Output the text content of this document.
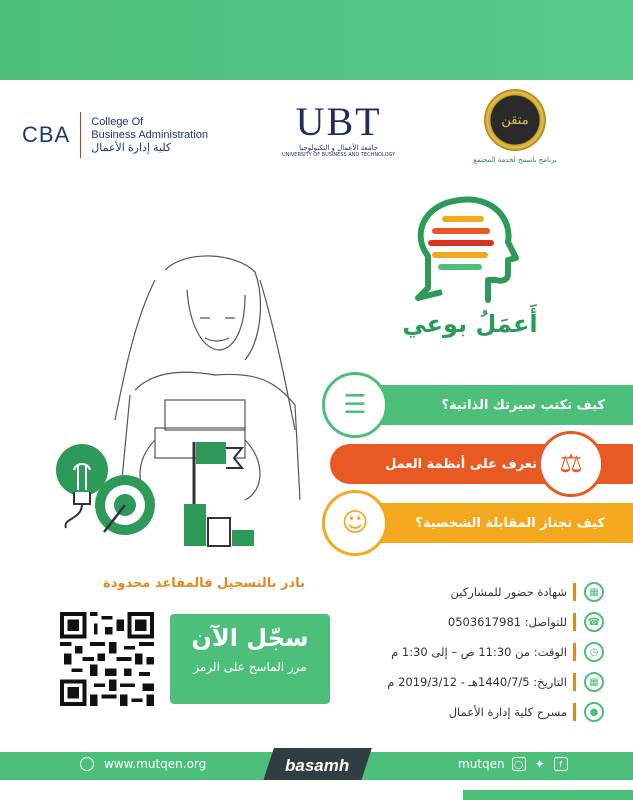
CBA
College Of
Business Administration
كلية إدارة الأعمال
UBT
جامعة الأعمال و التكنولوجيا
UNIVERSITY OF BUSINESS AND TECHNOLOGY
متقن
برنامج باسمح لخدمة المجتمع
أَعمَلُ بوعي
كيف تكتب سيرتك الذاتية؟
☰
تعرف على أنظمة العمل ⚖
كيف تجتاز المقابلة الشخصية؟
☺
بادر بالتسجيل فالمقاعد محدودة
سجّل الآن
مرر الماسح على الرمز
شهادة حضور للمشاركين	▦
للتواصل: 0503617981	☎
الوقت: من 11:30 ص – إلى 1:30 م	◷
التاريخ: 1440/7/5هـ - 2019/3/12 م	▦
مسرح كلية إدارة الأعمال	●
www.mutqen.org	basamh	mutqen	◯ ✦	f
